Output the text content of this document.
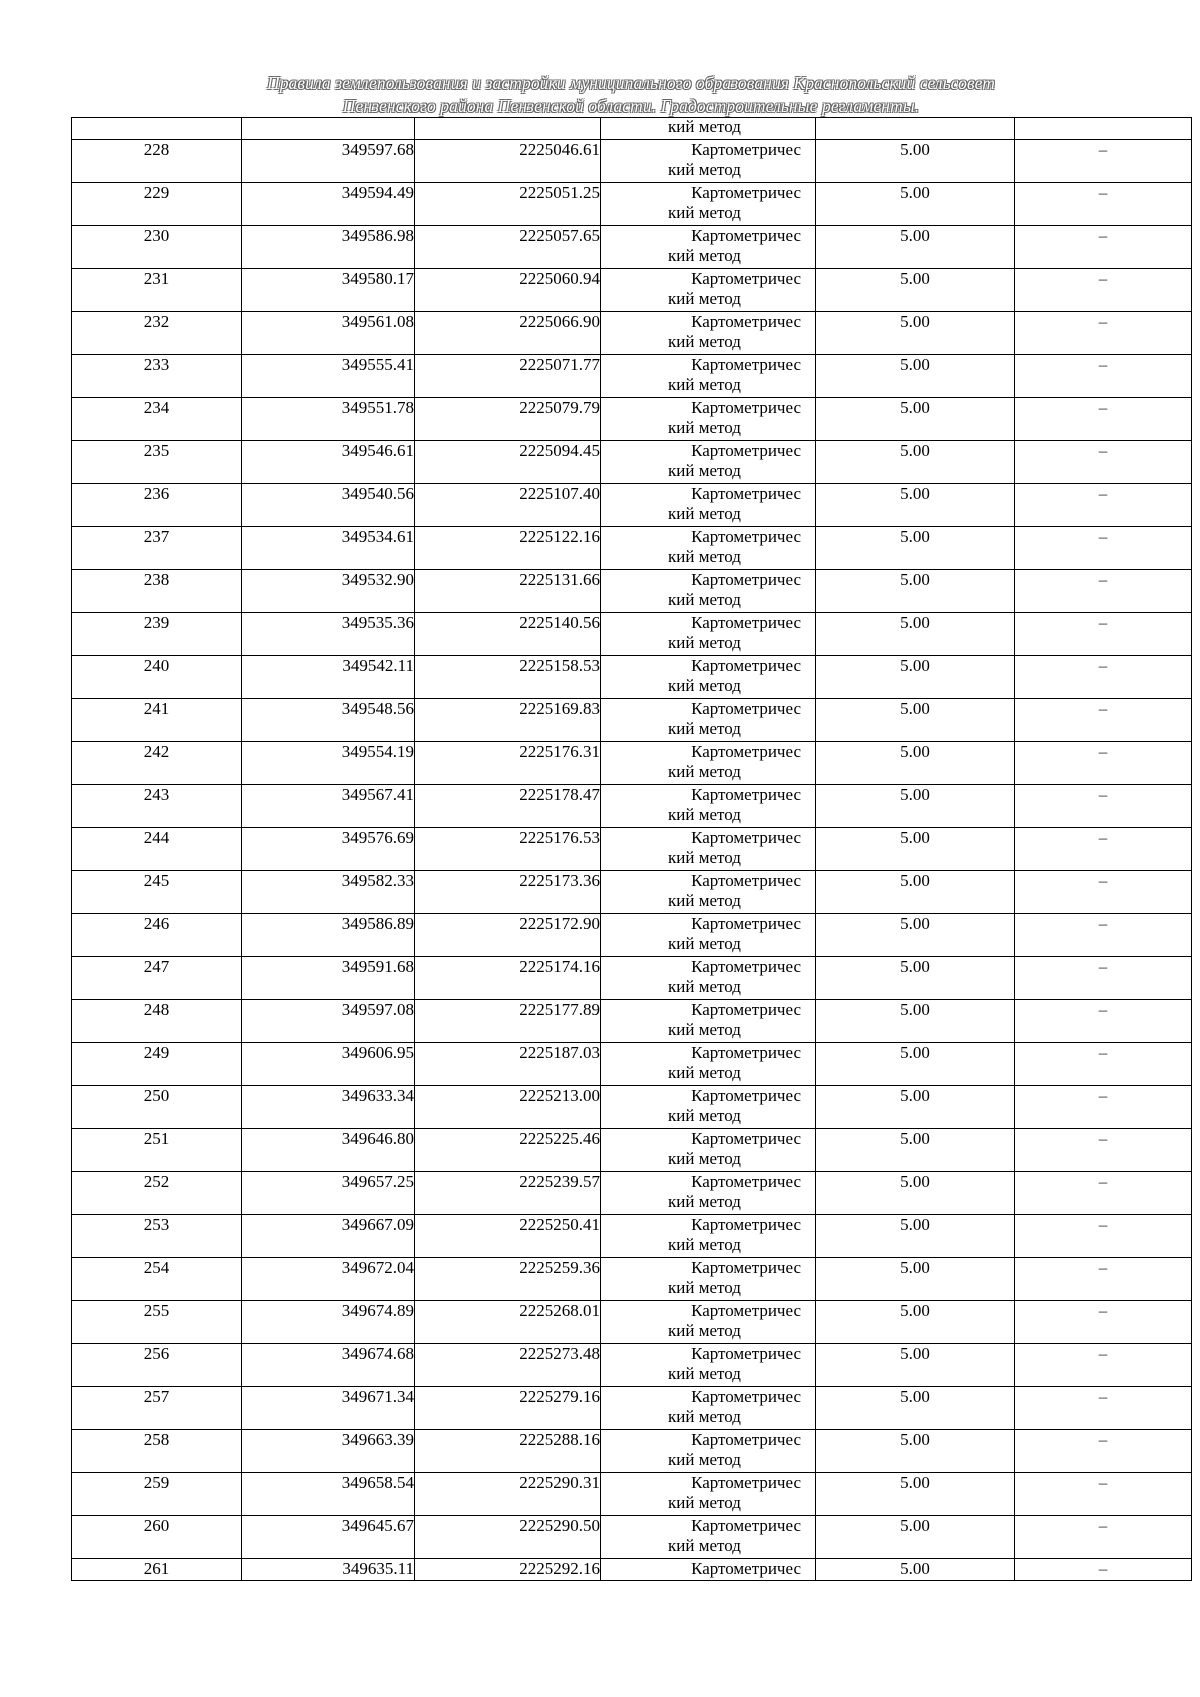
Правила землепользования и застройки муниципального образования Краснопольский сельсовет
Пензенского района Пензенской области. Градостроительные регламенты.

			кий метод		

228	349597.68	2225046.61	Картометричес
кий метод	5.00	–
229	349594.49	2225051.25	Картометричес
кий метод	5.00	–
230	349586.98	2225057.65	Картометричес
кий метод	5.00	–
231	349580.17	2225060.94	Картометричес
кий метод	5.00	–
232	349561.08	2225066.90	Картометричес
кий метод	5.00	–
233	349555.41	2225071.77	Картометричес
кий метод	5.00	–
234	349551.78	2225079.79	Картометричес
кий метод	5.00	–
235	349546.61	2225094.45	Картометричес
кий метод	5.00	–
236	349540.56	2225107.40	Картометричес
кий метод	5.00	–
237	349534.61	2225122.16	Картометричес
кий метод	5.00	–
238	349532.90	2225131.66	Картометричес
кий метод	5.00	–
239	349535.36	2225140.56	Картометричес
кий метод	5.00	–
240	349542.11	2225158.53	Картометричес
кий метод	5.00	–
241	349548.56	2225169.83	Картометричес
кий метод	5.00	–
242	349554.19	2225176.31	Картометричес
кий метод	5.00	–
243	349567.41	2225178.47	Картометричес
кий метод	5.00	–
244	349576.69	2225176.53	Картометричес
кий метод	5.00	–
245	349582.33	2225173.36	Картометричес
кий метод	5.00	–
246	349586.89	2225172.90	Картометричес
кий метод	5.00	–
247	349591.68	2225174.16	Картометричес
кий метод	5.00	–
248	349597.08	2225177.89	Картометричес
кий метод	5.00	–
249	349606.95	2225187.03	Картометричес
кий метод	5.00	–
250	349633.34	2225213.00	Картометричес
кий метод	5.00	–
251	349646.80	2225225.46	Картометричес
кий метод	5.00	–
252	349657.25	2225239.57	Картометричес
кий метод	5.00	–
253	349667.09	2225250.41	Картометричес
кий метод	5.00	–
254	349672.04	2225259.36	Картометричес
кий метод	5.00	–
255	349674.89	2225268.01	Картометричес
кий метод	5.00	–
256	349674.68	2225273.48	Картометричес
кий метод	5.00	–
257	349671.34	2225279.16	Картометричес
кий метод	5.00	–
258	349663.39	2225288.16	Картометричес
кий метод	5.00	–
259	349658.54	2225290.31	Картометричес
кий метод	5.00	–
260	349645.67	2225290.50	Картометричес
кий метод	5.00	–
261	349635.11	2225292.16	Картометричес	5.00	–
